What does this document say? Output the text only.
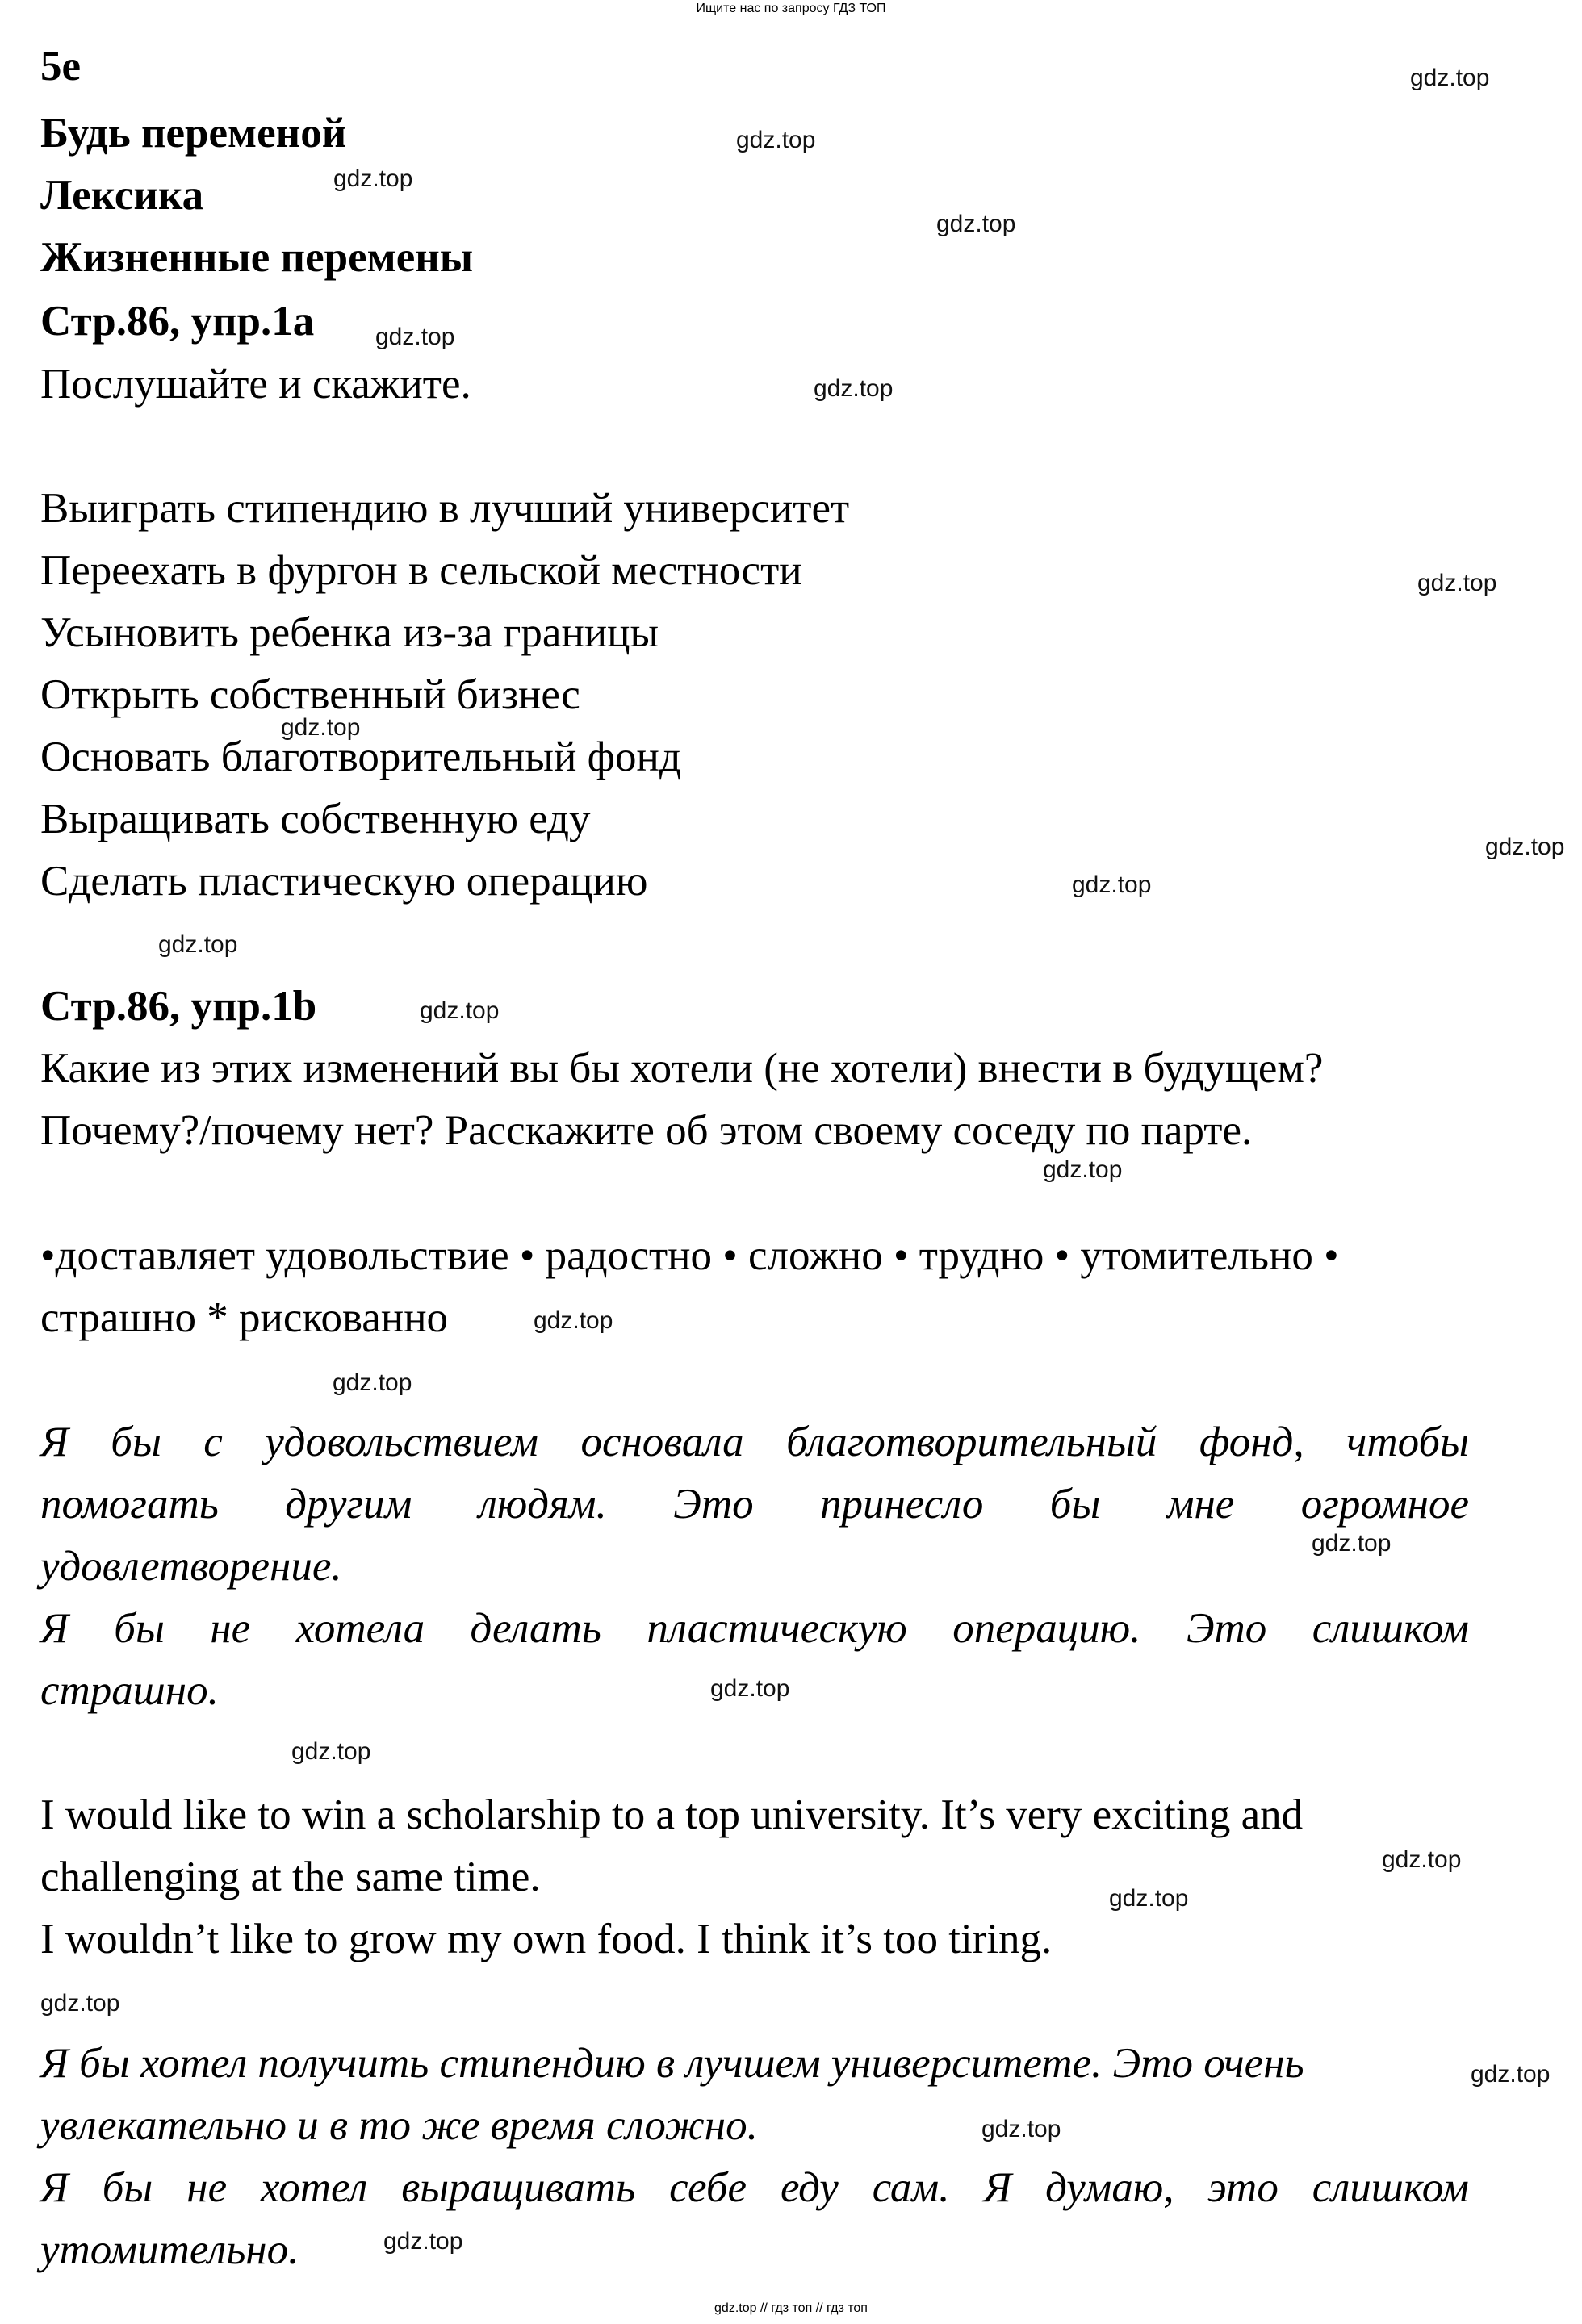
Ищите нас по запросу ГДЗ ТОП
5e
Будь переменой
Лексика
Жизненные перемены
Стр.86, упр.1a
Послушайте и скажите.
Выиграть стипендию в лучший университет
Переехать в фургон в сельской местности
Усыновить ребенка из-за границы
Открыть собственный бизнес
Основать благотворительный фонд
Выращивать собственную еду
Сделать пластическую операцию
Стр.86, упр.1b
Какие из этих изменений вы бы хотели (не хотели) внести в будущем?
Почему?/почему нет? Расскажите об этом своему соседу по парте.
•доставляет удовольствие • радостно • сложно • трудно • утомительно •
страшно * рискованно
Я бы с удовольствием основала благотворительный фонд, чтобы
помогать другим людям. Это принесло бы мне огромное
удовлетворение.
Я бы не хотела делать пластическую операцию. Это слишком
страшно.
I would like to win a scholarship to a top university. It’s very exciting and
challenging at the same time.
I wouldn’t like to grow my own food. I think it’s too tiring.
Я бы хотел получить стипендию в лучшем университете. Это очень
увлекательно и в то же время сложно.
Я бы не хотел выращивать себе еду сам. Я думаю, это слишком
утомительно.
gdz.top
gdz.top
gdz.top
gdz.top
gdz.top
gdz.top
gdz.top
gdz.top
gdz.top
gdz.top
gdz.top
gdz.top
gdz.top
gdz.top
gdz.top
gdz.top
gdz.top
gdz.top
gdz.top
gdz.top
gdz.top
gdz.top
gdz.top
gdz.top
gdz.top // гдз топ // гдз топ
